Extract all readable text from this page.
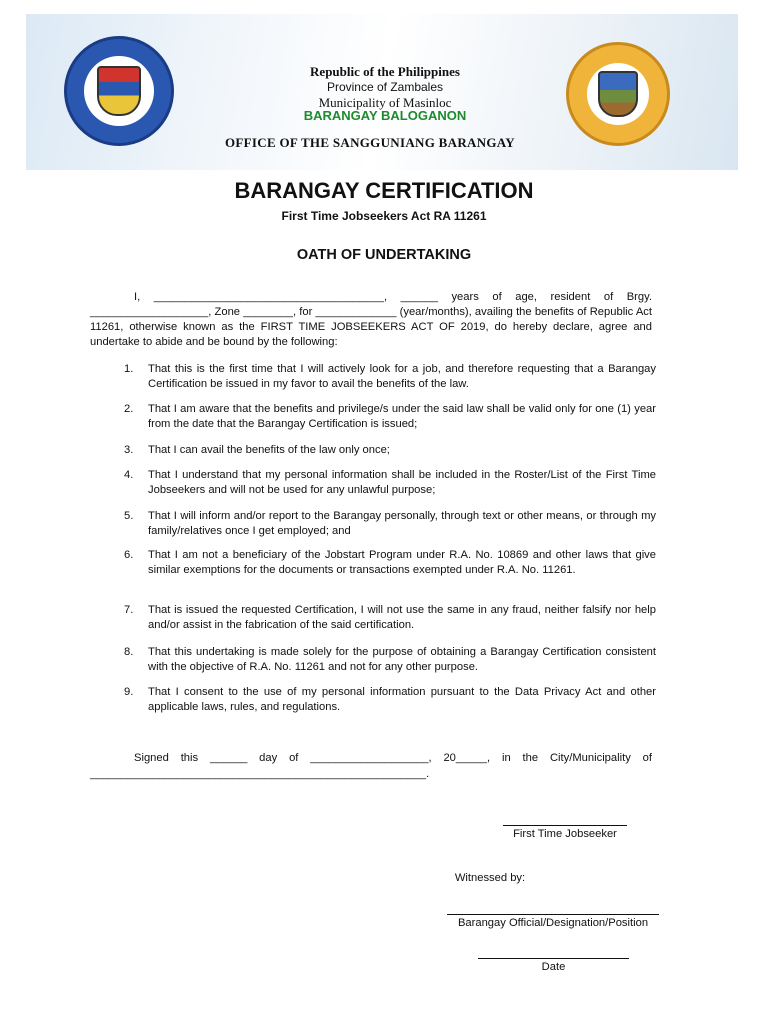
Republic of the Philippines
Province of Zambales
Municipality of Masinloc
BARANGAY BALOGANON
OFFICE OF THE SANGGUNIANG BARANGAY
BARANGAY CERTIFICATION
First Time Jobseekers Act RA 11261
OATH OF UNDERTAKING
I, _____________________________________, ______ years of age, resident of Brgy. ___________________, Zone ________, for _____________ (year/months), availing the benefits of Republic Act 11261, otherwise known as the FIRST TIME JOBSEEKERS ACT OF 2019, do hereby declare, agree and undertake to abide and be bound by the following:
1.	That this is the first time that I will actively look for a job, and therefore requesting that a Barangay Certification be issued in my favor to avail the benefits of the law.
2.	That I am aware that the benefits and privilege/s under the said law shall be valid only for one (1) year from the date that the Barangay Certification is issued;
3.	That I can avail the benefits of the law only once;
4.	That I understand that my personal information shall be included in the Roster/List of the First Time Jobseekers and will not be used for any unlawful purpose;
5.	That I will inform and/or report to the Barangay personally, through text or other means, or through my family/relatives once I get employed; and
6.	That I am not a beneficiary of the Jobstart Program under R.A. No. 10869 and other laws that give similar exemptions for the documents or transactions exempted under R.A. No. 11261.
7.	That is issued the requested Certification, I will not use the same in any fraud, neither falsify nor help and/or assist in the fabrication of the said certification.
8.	That this undertaking is made solely for the purpose of obtaining a Barangay Certification consistent with the objective of R.A. No. 11261 and not for any other purpose.
9.	That I consent to the use of my personal information pursuant to the Data Privacy Act and other applicable laws, rules, and regulations.
Signed this ______ day of ___________________, 20_____, in the City/Municipality of ______________________________________________________.
First Time Jobseeker
Witnessed by:
Barangay Official/Designation/Position
Date
